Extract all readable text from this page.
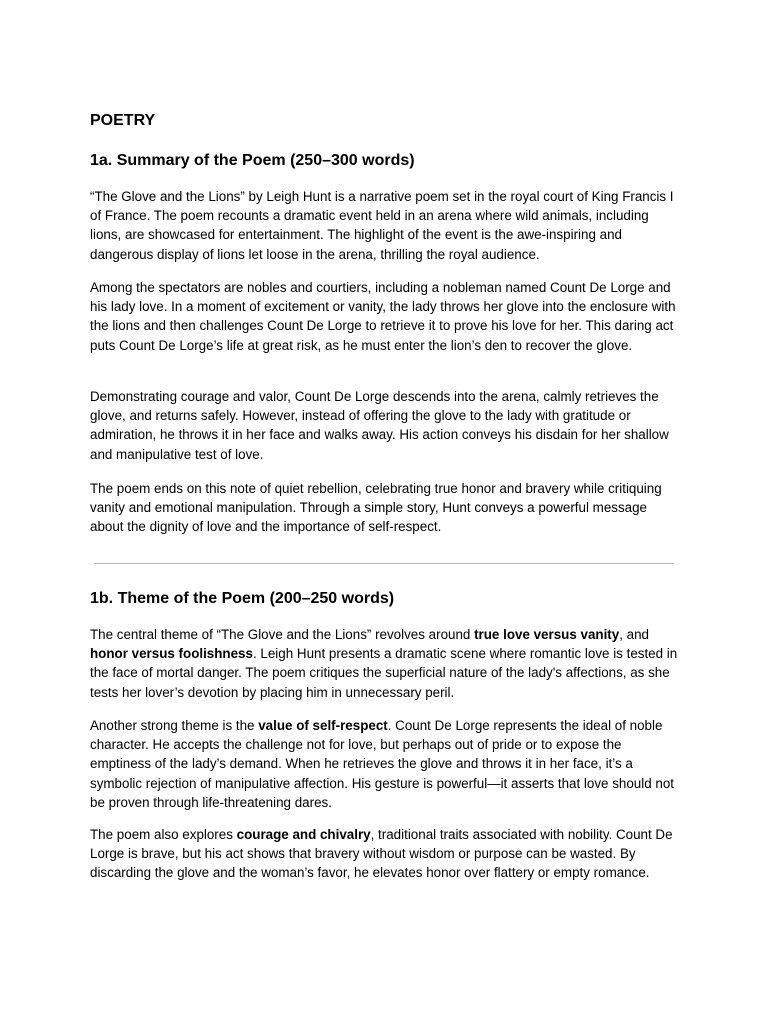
POETRY
1a. Summary of the Poem (250–300 words)

“The Glove and the Lions” by Leigh Hunt is a narrative poem set in the royal court of King Francis I of France. The poem recounts a dramatic event held in an arena where wild animals, including lions, are showcased for entertainment. The highlight of the event is the awe-inspiring and dangerous display of lions let loose in the arena, thrilling the royal audience.

Among the spectators are nobles and courtiers, including a nobleman named Count De Lorge and his lady love. In a moment of excitement or vanity, the lady throws her glove into the enclosure with the lions and then challenges Count De Lorge to retrieve it to prove his love for her. This daring act puts Count De Lorge’s life at great risk, as he must enter the lion’s den to recover the glove.

Demonstrating courage and valor, Count De Lorge descends into the arena, calmly retrieves the glove, and returns safely. However, instead of offering the glove to the lady with gratitude or admiration, he throws it in her face and walks away. His action conveys his disdain for her shallow and manipulative test of love.

The poem ends on this note of quiet rebellion, celebrating true honor and bravery while critiquing vanity and emotional manipulation. Through a simple story, Hunt conveys a powerful message about the dignity of love and the importance of self-respect.

1b. Theme of the Poem (200–250 words)

The central theme of “The Glove and the Lions” revolves around true love versus vanity, and honor versus foolishness. Leigh Hunt presents a dramatic scene where romantic love is tested in the face of mortal danger. The poem critiques the superficial nature of the lady's affections, as she tests her lover’s devotion by placing him in unnecessary peril.

Another strong theme is the value of self-respect. Count De Lorge represents the ideal of noble character. He accepts the challenge not for love, but perhaps out of pride or to expose the emptiness of the lady’s demand. When he retrieves the glove and throws it in her face, it’s a symbolic rejection of manipulative affection. His gesture is powerful—it asserts that love should not be proven through life-threatening dares.

The poem also explores courage and chivalry, traditional traits associated with nobility. Count De Lorge is brave, but his act shows that bravery without wisdom or purpose can be wasted. By discarding the glove and the woman’s favor, he elevates honor over flattery or empty romance.
